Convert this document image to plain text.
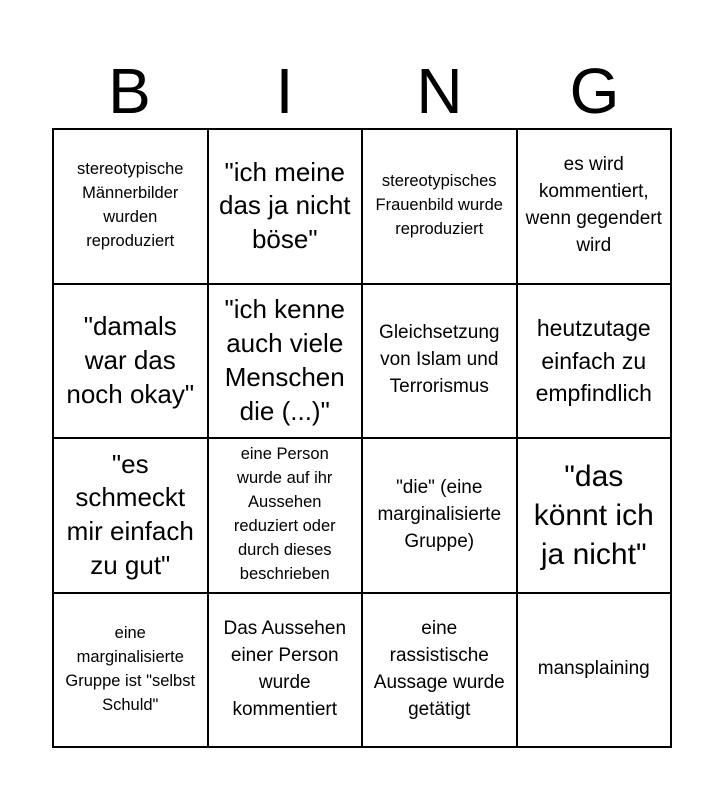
B	I	N	G
stereotypische Männerbilder wurden reproduziert
"ich meine das ja nicht böse"
stereotypisches Frauenbild wurde reproduziert
es wird kommentiert, wenn gegendert wird
"damals war das noch okay"
"ich kenne auch viele Menschen die (...)"
Gleichsetzung von Islam und Terrorismus
heutzutage einfach zu empfindlich
"es schmeckt mir einfach zu gut"
eine Person wurde auf ihr Aussehen reduziert oder durch dieses beschrieben
"die" (eine marginalisierte Gruppe)
"das könnt ich ja nicht"
eine marginalisierte Gruppe ist "selbst Schuld"
Das Aussehen einer Person wurde kommentiert
eine rassistische Aussage wurde getätigt
mansplaining
